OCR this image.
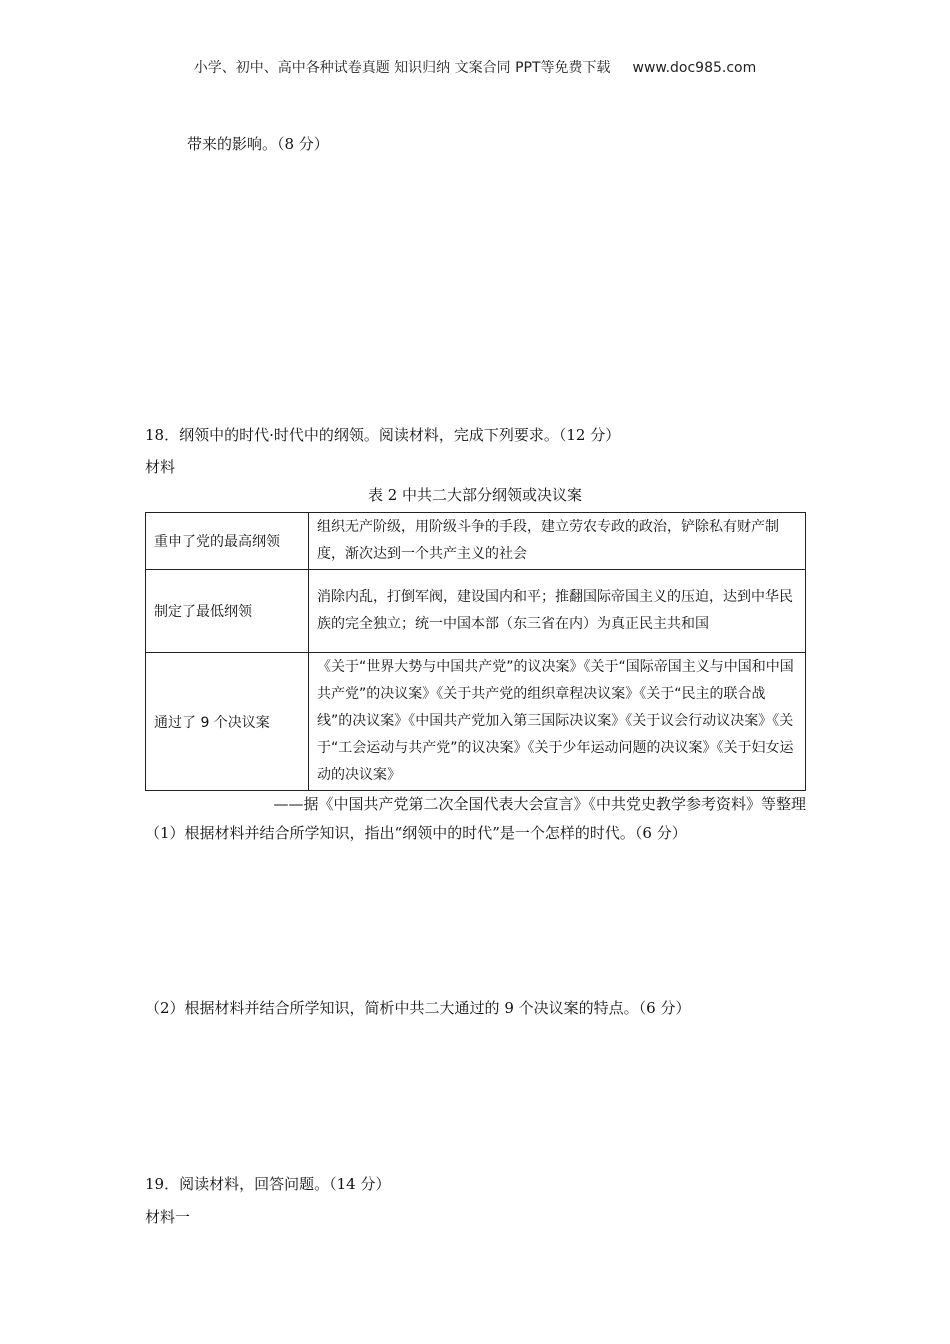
小学、初中、高中各种试卷真题 知识归纳 文案合同 PPT等免费下载 www.doc985.com
带来的影响。（8 分）
18．纲领中的时代·时代中的纲领。阅读材料，完成下列要求。（12 分）
材料
表 2 中共二大部分纲领或决议案
重申了党的最高纲领	组织无产阶级，用阶级斗争的手段，建立劳农专政的政治，铲除私有财产制度，渐次达到一个共产主义的社会
制定了最低纲领	消除内乱，打倒军阀，建设国内和平；推翻国际帝国主义的压迫，达到中华民族的完全独立；统一中国本部（东三省在内）为真正民主共和国
通过了 9 个决议案	《关于“世界大势与中国共产党”的议决案》《关于“国际帝国主义与中国和中国共产党”的决议案》《关于共产党的组织章程决议案》《关于“民主的联合战线”的决议案》《中国共产党加入第三国际决议案》《关于议会行动议决案》《关于“工会运动与共产党”的议决案》《关于少年运动问题的决议案》《关于妇女运动的决议案》
——据《中国共产党第二次全国代表大会宣言》《中共党史教学参考资料》等整理
（1）根据材料并结合所学知识，指出“纲领中的时代”是一个怎样的时代。（6 分）
（2）根据材料并结合所学知识，简析中共二大通过的 9 个决议案的特点。（6 分）
19．阅读材料，回答问题。（14 分）
材料一
